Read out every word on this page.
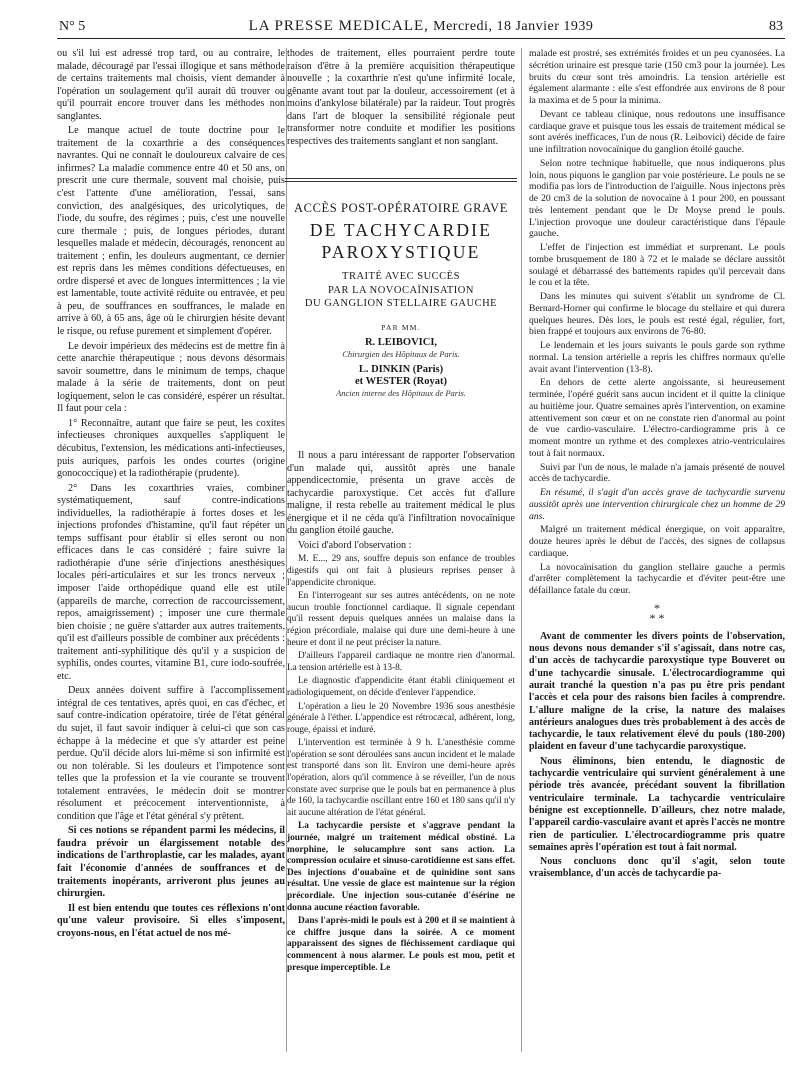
N° 5	LA PRESSE MEDICALE, Mercredi, 18 Janvier 1939	83

ou s'il lui est adressé trop tard, ou au contraire, le malade, découragé par l'essai illogique et sans méthode de certains traitements mal choisis, vient demander à l'opération un soulagement qu'il aurait dû trouver ou qu'il pourrait encore trouver dans les méthodes non sanglantes.

Le manque actuel de toute doctrine pour le traitement de la coxarthrie a des conséquences navrantes. Qui ne connaît le douloureux calvaire de ces infirmes? La maladie commence entre 40 et 50 ans, on prescrit une cure thermale, souvent mal choisie, puis c'est l'attente d'une amélioration, l'essai, sans conviction, des analgésiques, des uricolytiques, de l'iode, du soufre, des régimes ; puis, c'est une nouvelle cure thermale ; puis, de longues périodes, durant lesquelles malade et médecin, découragés, renoncent au traitement ; enfin, les douleurs augmentant, ce dernier est repris dans les mêmes conditions défectueuses, en ordre dispersé et avec de longues intermittences ; la vie est lamentable, toute activité réduite ou entravée, et peu à peu, de souffrances en souffrances, le malade en arrive à 60, à 65 ans, âge où le chirurgien hésite devant le risque, ou refuse purement et simplement d'opérer.

Le devoir impérieux des médecins est de mettre fin à cette anarchie thérapeutique ; nous devons désormais savoir soumettre, dans le minimum de temps, chaque malade à la série de traitements, dont on peut logiquement, selon le cas considéré, espérer un résultat. Il faut pour cela :

1° Reconnaître, autant que faire se peut, les coxites infectieuses chroniques auxquelles s'appliquent le décubitus, l'extension, les médications anti-infectieuses, puis auriques, parfois les ondes courtes (origine gonococcique) et la radiothérapie (prudente).

2° Dans les coxarthries vraies, combiner systématiquement, sauf contre-indications individuelles, la radiothérapie à fortes doses et les injections profondes d'histamine, qu'il faut répéter un temps suffisant pour établir si elles seront ou non efficaces dans le cas considéré ; faire suivre la radiothérapie d'une série d'injections anesthésiques locales péri-articulaires et sur les troncs nerveux ; imposer l'aide orthopédique quand elle est utile (appareils de marche, correction de raccourcissement, repos, amaigrissement) ; imposer une cure thermale bien choisie ; ne guère s'attarder aux autres traitements, qu'il est d'ailleurs possible de combiner aux précédents : traitement anti-syphilitique dès qu'il y a suspicion de syphilis, ondes courtes, vitamine B1, cure iodo-soufrée, etc.

Deux années doivent suffire à l'accomplissement intégral de ces tentatives, après quoi, en cas d'échec, et sauf contre-indication opératoire, tirée de l'état général du sujet, il faut savoir indiquer à celui-ci que son cas échappe à la médecine et que s'y attarder est peine perdue. Qu'il décide alors lui-même si son infirmité est ou non tolérable. Si les douleurs et l'impotence sont telles que la profession et la vie courante se trouvent totalement entravées, le médecin doit se montrer résolument et précocement interventionniste, à condition que l'âge et l'état général s'y prêtent.

Si ces notions se répandent parmi les médecins, il faudra prévoir un élargissement notable des indications de l'arthroplastie, car les malades, ayant fait l'économie d'années de souffrances et de traitements inopérants, arriveront plus jeunes au chirurgien.

Il est bien entendu que toutes ces réflexions n'ont qu'une valeur provisoire. Si elles s'imposent, croyons-nous, en l'état actuel de nos mé-

thodes de traitement, elles pourraient perdre toute raison d'être à la première acquisition thérapeutique nouvelle ; la coxarthrie n'est qu'une infirmité locale, gênante avant tout par la douleur, accessoirement (et à moins d'ankylose bilatérale) par la raideur. Tout progrès dans l'art de bloquer la sensibilité régionale peut transformer notre conduite et modifier les positions respectives des traitements sanglant et non sanglant.

ACCÈS POST-OPÉRATOIRE GRAVE
DE TACHYCARDIE
PAROXYSTIQUE
TRAITÉ AVEC SUCCÈS
PAR LA NOVOCAÏNISATION
DU GANGLION STELLAIRE GAUCHE
PAR MM.
R. LEIBOVICI,
Chirurgien des Hôpitaux de Paris.
L. DINKIN (Paris)
et WESTER (Royat)
Ancien interne des Hôpitaux de Paris.

Il nous a paru intéressant de rapporter l'observation d'un malade qui, aussitôt après une banale appendicectomie, présenta un grave accès de tachycardie paroxystique. Cet accès fut d'allure maligne, il resta rebelle au traitement médical le plus énergique et il ne céda qu'à l'infiltration novocaïnique du ganglion étoilé gauche.

Voici d'abord l'observation :

M. E..., 29 ans, souffre depuis son enfance de troubles digestifs qui ont fait à plusieurs reprises penser à l'appendicite chronique.

En l'interrogeant sur ses autres antécédents, on ne note aucun trouble fonctionnel cardiaque. Il signale cependant qu'il ressent depuis quelques années un malaise dans la région précordiale, malaise qui dure une demi-heure à une heure et dont il ne peut préciser la nature.

D'ailleurs l'appareil cardiaque ne montre rien d'anormal. La tension artérielle est à 13-8.

Le diagnostic d'appendicite étant établi cliniquement et radiologiquement, on décide d'enlever l'appendice.

L'opération a lieu le 20 Novembre 1936 sous anesthésie générale à l'éther. L'appendice est rétrocæcal, adhérent, long, rouge, épaissi et induré.

L'intervention est terminée à 9 h. L'anesthésie comme l'opération se sont déroulées sans aucun incident et le malade est transporté dans son lit. Environ une demi-heure après l'opération, alors qu'il commence à se réveiller, l'un de nous constate avec surprise que le pouls bat en permanence à plus de 160, la tachycardie oscillant entre 160 et 180 sans qu'il n'y ait aucune altération de l'état général.

La tachycardie persiste et s'aggrave pendant la journée, malgré un traitement médical obstiné. La morphine, le solucamphre sont sans action. La compression oculaire et sinuso-carotidienne est sans effet. Des injections d'ouabaïne et de quinidine sont sans résultat. Une vessie de glace est maintenue sur la région précordiale. Une injection sous-cutanée d'ésérine ne donna aucune réaction favorable.

Dans l'après-midi le pouls est à 200 et il se maintient à ce chiffre jusque dans la soirée. A ce moment apparaissent des signes de fléchissement cardiaque qui commencent à nous alarmer. Le pouls est mou, petit et presque imperceptible. Le

malade est prostré, ses extrémités froides et un peu cyanosées. La sécrétion urinaire est presque tarie (150 cm3 pour la journée). Les bruits du cœur sont très amoindris. La tension artérielle est également alarmante : elle s'est effondrée aux environs de 8 pour la maxima et de 5 pour la minima.

Devant ce tableau clinique, nous redoutons une insuffisance cardiaque grave et puisque tous les essais de traitement médical se sont avérés inefficaces, l'un de nous (R. Leibovici) décide de faire une infiltration novocaïnique du ganglion étoilé gauche.

Selon notre technique habituelle, que nous indiquerons plus loin, nous piquons le ganglion par voie postérieure. Le pouls ne se modifia pas lors de l'introduction de l'aiguille. Nous injectons près de 20 cm3 de la solution de novocaïne à 1 pour 200, en poussant très lentement pendant que le Dr Moyse prend le pouls. L'injection provoque une douleur caractéristique dans l'épaule gauche.

L'effet de l'injection est immédiat et surprenant. Le pouls tombe brusquement de 180 à 72 et le malade se déclare aussitôt soulagé et débarrassé des battements rapides qu'il percevait dans le cou et la tête.

Dans les minutes qui suivent s'établit un syndrome de Cl. Bernard-Horner qui confirme le blocage du stellaire et qui durera quelques heures. Dès lors, le pouls est resté égal, régulier, fort, bien frappé et toujours aux environs de 76-80.

Le lendemain et les jours suivants le pouls garde son rythme normal. La tension artérielle a repris les chiffres normaux qu'elle avait avant l'intervention (13-8).

En dehors de cette alerte angoissante, si heureusement terminée, l'opéré guérit sans aucun incident et il quitte la clinique au huitième jour. Quatre semaines après l'intervention, on examine attentivement son cœur et on ne constate rien d'anormal au point de vue cardio-vasculaire. L'électro-cardiogramme pris à ce moment montre un rythme et des complexes atrio-ventriculaires tout à fait normaux.

Suivi par l'un de nous, le malade n'a jamais présenté de nouvel accès de tachycardie.

En résumé, il s'agit d'un accès grave de tachycardie survenu aussitôt après une intervention chirurgicale chez un homme de 29 ans.

Malgré un traitement médical énergique, on voit apparaître, douze heures après le début de l'accès, des signes de collapsus cardiaque.

La novocaïnisation du ganglion stellaire gauche a permis d'arrêter complètement la tachycardie et d'éviter peut-être une défaillance fatale du cœur.

*
* *

Avant de commenter les divers points de l'observation, nous devons nous demander s'il s'agissait, dans notre cas, d'un accès de tachycardie paroxystique type Bouveret ou d'une tachycardie sinusale. L'électrocardiogramme qui aurait tranché la question n'a pas pu être pris pendant l'accès et cela pour des raisons bien faciles à comprendre. L'allure maligne de la crise, la nature des malaises antérieurs analogues dues très probablement à des accès de tachycardie, le taux relativement élevé du pouls (180-200) plaident en faveur d'une tachycardie paroxystique.

Nous éliminons, bien entendu, le diagnostic de tachycardie ventriculaire qui survient généralement à une période très avancée, précédant souvent la fibrillation ventriculaire terminale. La tachycardie ventriculaire bénigne est exceptionnelle. D'ailleurs, chez notre malade, l'appareil cardio-vasculaire avant et après l'accès ne montre rien de particulier. L'électrocardiogramme pris quatre semaines après l'opération est tout à fait normal.

Nous concluons donc qu'il s'agit, selon toute vraisemblance, d'un accès de tachycardie pa-
